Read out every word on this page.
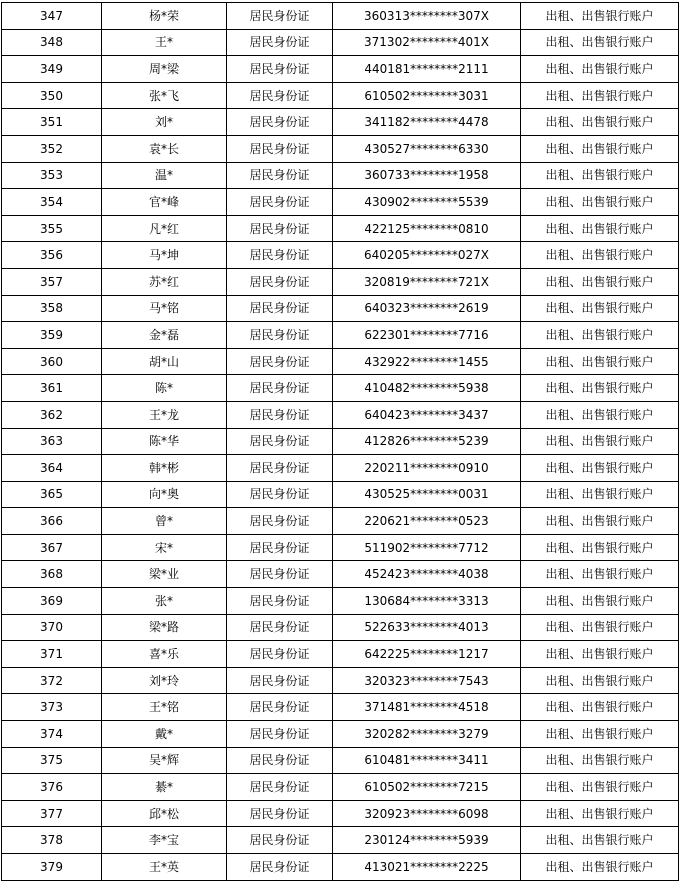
347	杨*荣	居民身份证	360313********307X	出租、出售银行账户
348	王*	居民身份证	371302********401X	出租、出售银行账户
349	周*梁	居民身份证	440181********2111	出租、出售银行账户
350	张*飞	居民身份证	610502********3031	出租、出售银行账户
351	刘*	居民身份证	341182********4478	出租、出售银行账户
352	袁*长	居民身份证	430527********6330	出租、出售银行账户
353	温*	居民身份证	360733********1958	出租、出售银行账户
354	官*峰	居民身份证	430902********5539	出租、出售银行账户
355	凡*红	居民身份证	422125********0810	出租、出售银行账户
356	马*坤	居民身份证	640205********027X	出租、出售银行账户
357	苏*红	居民身份证	320819********721X	出租、出售银行账户
358	马*铭	居民身份证	640323********2619	出租、出售银行账户
359	金*磊	居民身份证	622301********7716	出租、出售银行账户
360	胡*山	居民身份证	432922********1455	出租、出售银行账户
361	陈*	居民身份证	410482********5938	出租、出售银行账户
362	王*龙	居民身份证	640423********3437	出租、出售银行账户
363	陈*华	居民身份证	412826********5239	出租、出售银行账户
364	韩*彬	居民身份证	220211********0910	出租、出售银行账户
365	向*奥	居民身份证	430525********0031	出租、出售银行账户
366	曾*	居民身份证	220621********0523	出租、出售银行账户
367	宋*	居民身份证	511902********7712	出租、出售银行账户
368	梁*业	居民身份证	452423********4038	出租、出售银行账户
369	张*	居民身份证	130684********3313	出租、出售银行账户
370	梁*路	居民身份证	522633********4013	出租、出售银行账户
371	喜*乐	居民身份证	642225********1217	出租、出售银行账户
372	刘*玲	居民身份证	320323********7543	出租、出售银行账户
373	王*铭	居民身份证	371481********4518	出租、出售银行账户
374	戴*	居民身份证	320282********3279	出租、出售银行账户
375	吴*辉	居民身份证	610481********3411	出租、出售银行账户
376	綦*	居民身份证	610502********7215	出租、出售银行账户
377	邱*松	居民身份证	320923********6098	出租、出售银行账户
378	李*宝	居民身份证	230124********5939	出租、出售银行账户
379	王*英	居民身份证	413021********2225	出租、出售银行账户
